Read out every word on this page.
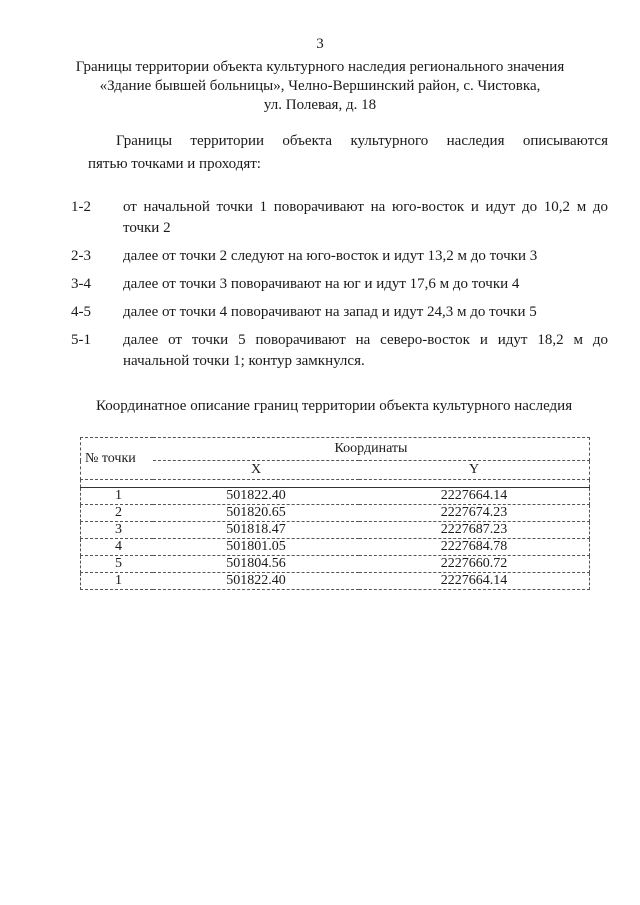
3
Границы территории объекта культурного наследия регионального значения
«Здание бывшей больницы», Челно-Вершинский район, с. Чистовка,
ул. Полевая, д. 18
Границы территории объекта культурного наследия описываются
пятью точками и проходят:
1-2	от начальной точки 1 поворачивают на юго-восток и идут до 10,2 м до точки 2
2-3	далее от точки 2 следуют на юго-восток и идут 13,2 м до точки 3
3-4	далее от точки 3 поворачивают на юг и идут 17,6 м до точки 4
4-5	далее от точки 4 поворачивают на запад и идут 24,3 м до точки 5
5-1	далее от точки 5 поворачивают на северо-восток и идут 18,2 м до начальной точки 1; контур замкнулся.
Координатное описание границ территории объекта культурного наследия
№ точки	Координаты	
	X	Y

1	501822.40	2227664.14
2	501820.65	2227674.23
3	501818.47	2227687.23
4	501801.05	2227684.78
5	501804.56	2227660.72
1	501822.40	2227664.14
